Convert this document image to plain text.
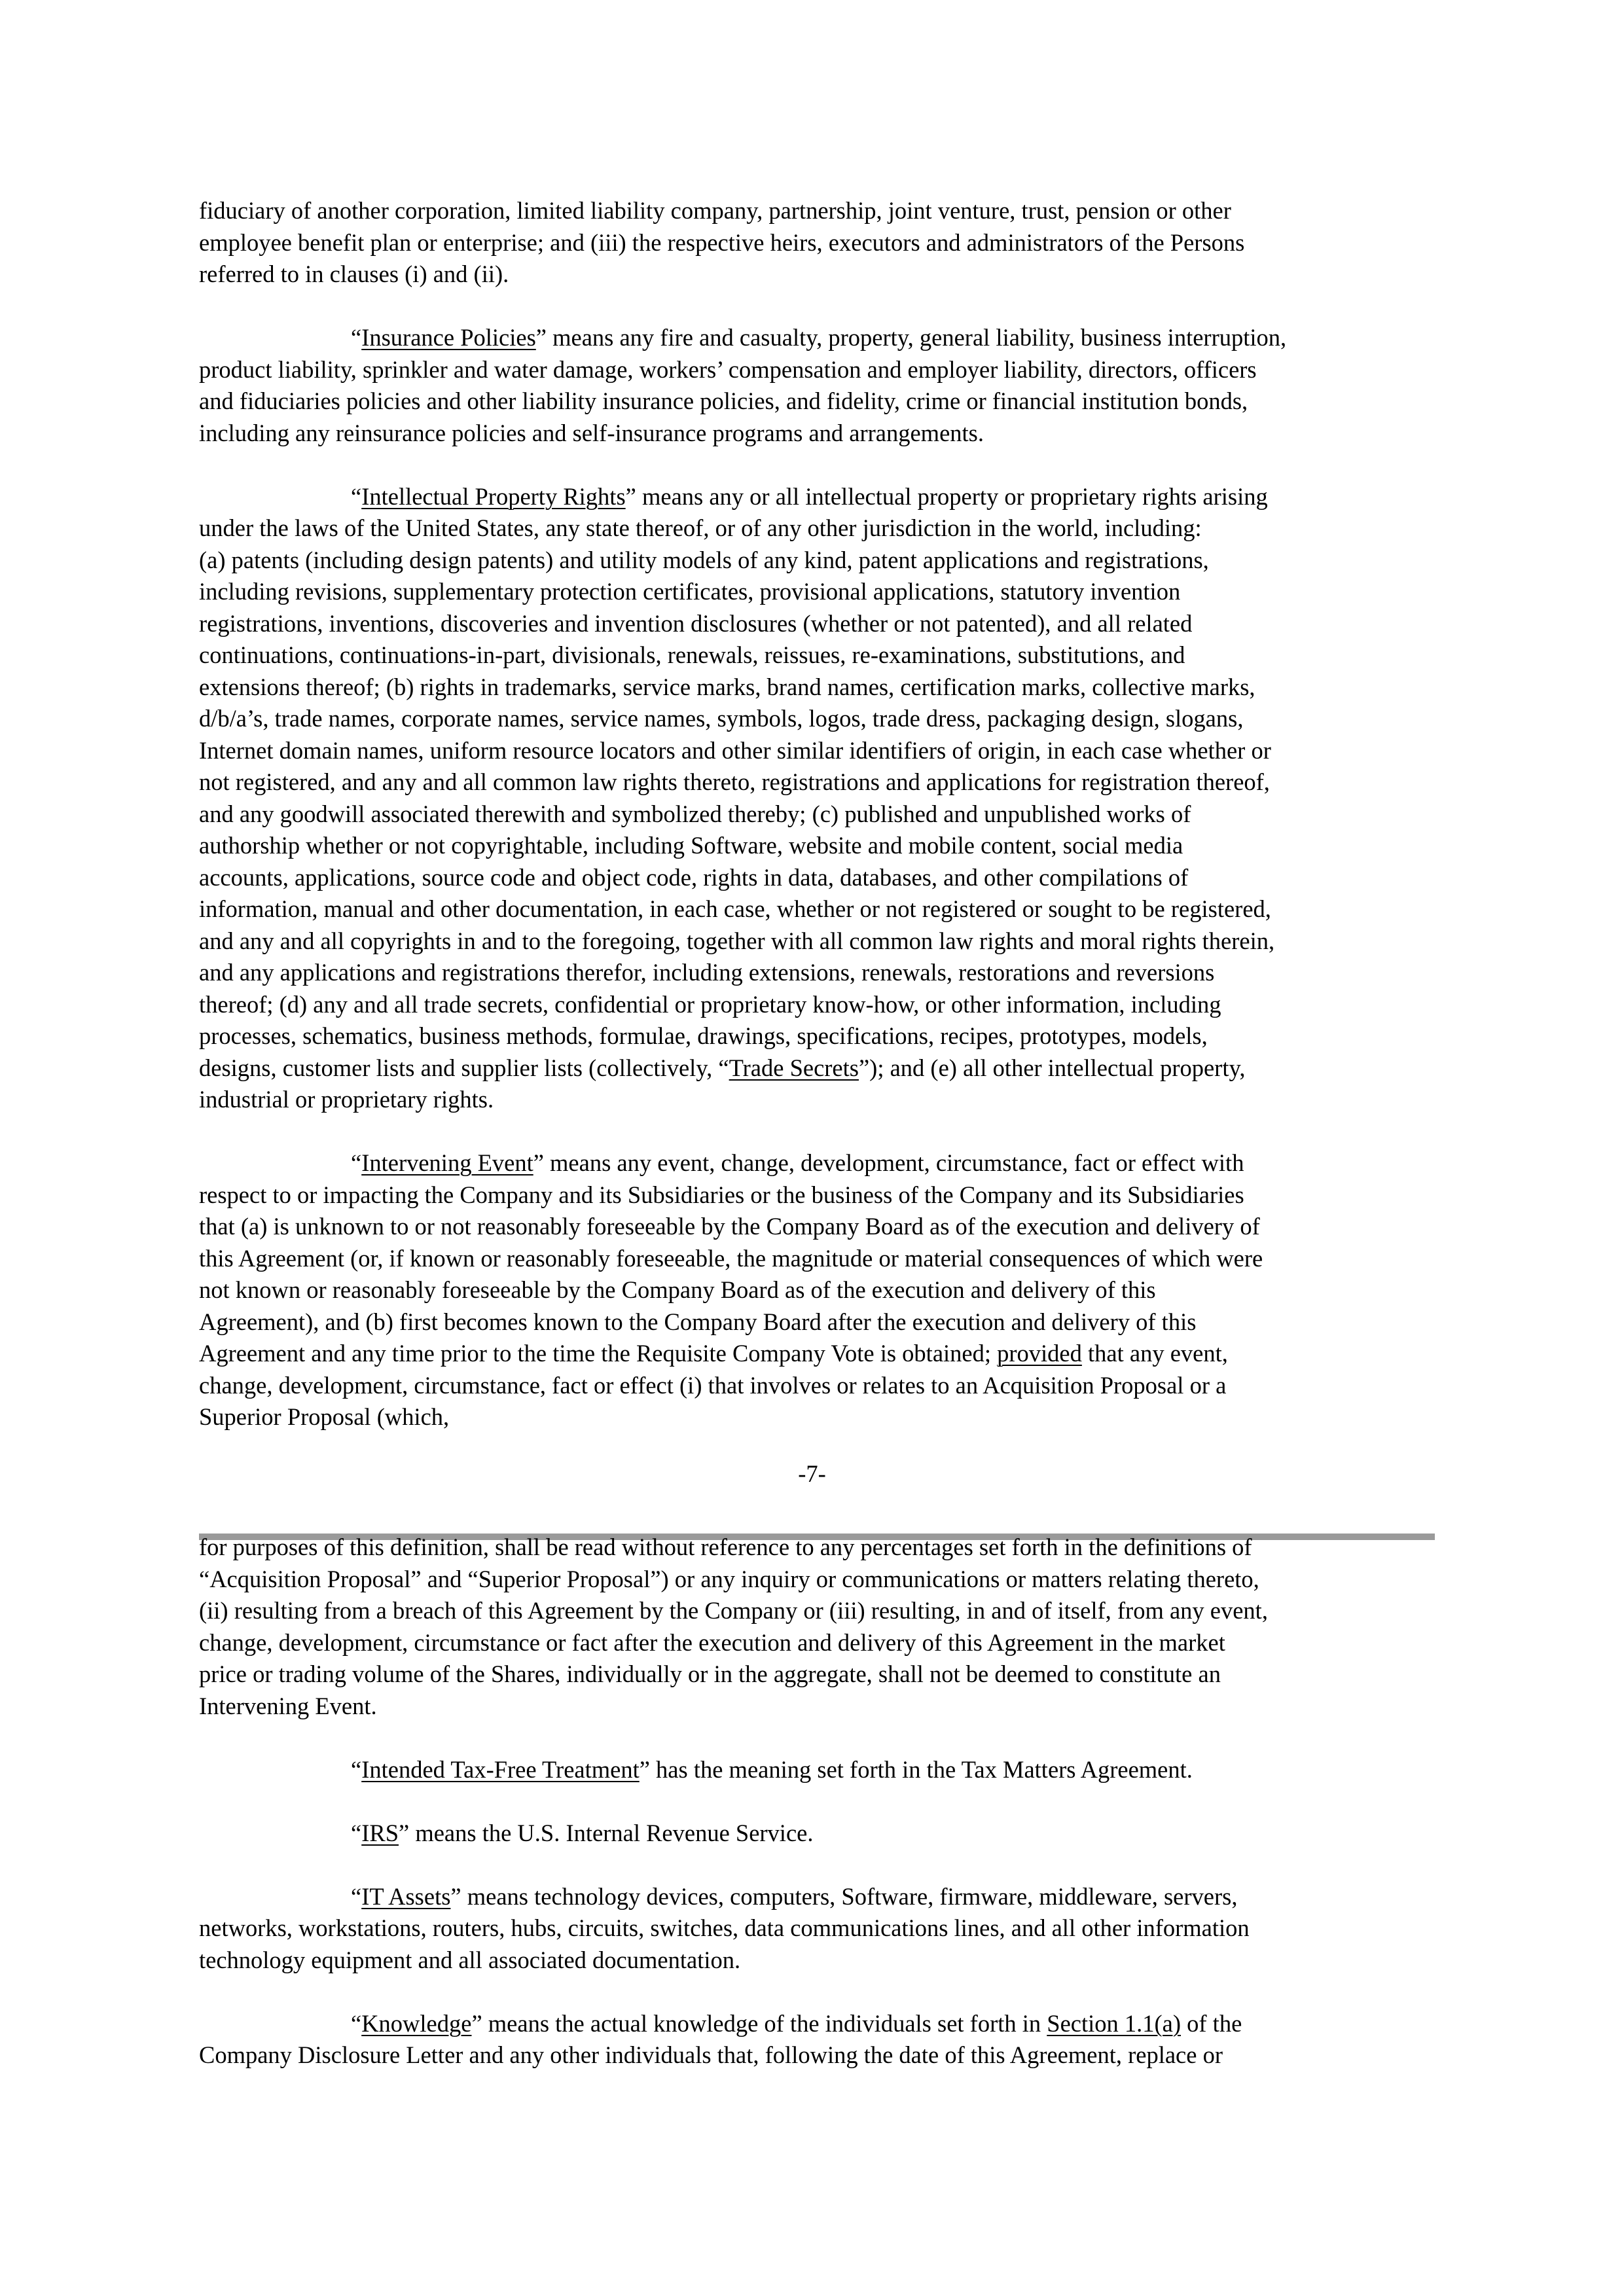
fiduciary of another corporation, limited liability company, partnership, joint venture, trust, pension or other
employee benefit plan or enterprise; and (iii) the respective heirs, executors and administrators of the Persons
referred to in clauses (i) and (ii).
“Insurance Policies” means any fire and casualty, property, general liability, business interruption,
product liability, sprinkler and water damage, workers’ compensation and employer liability, directors, officers
and fiduciaries policies and other liability insurance policies, and fidelity, crime or financial institution bonds,
including any reinsurance policies and self-insurance programs and arrangements.
“Intellectual Property Rights” means any or all intellectual property or proprietary rights arising
under the laws of the United States, any state thereof, or of any other jurisdiction in the world, including:
(a) patents (including design patents) and utility models of any kind, patent applications and registrations,
including revisions, supplementary protection certificates, provisional applications, statutory invention
registrations, inventions, discoveries and invention disclosures (whether or not patented), and all related
continuations, continuations-in-part, divisionals, renewals, reissues, re-examinations, substitutions, and
extensions thereof; (b) rights in trademarks, service marks, brand names, certification marks, collective marks,
d/b/a’s, trade names, corporate names, service names, symbols, logos, trade dress, packaging design, slogans,
Internet domain names, uniform resource locators and other similar identifiers of origin, in each case whether or
not registered, and any and all common law rights thereto, registrations and applications for registration thereof,
and any goodwill associated therewith and symbolized thereby; (c) published and unpublished works of
authorship whether or not copyrightable, including Software, website and mobile content, social media
accounts, applications, source code and object code, rights in data, databases, and other compilations of
information, manual and other documentation, in each case, whether or not registered or sought to be registered,
and any and all copyrights in and to the foregoing, together with all common law rights and moral rights therein,
and any applications and registrations therefor, including extensions, renewals, restorations and reversions
thereof; (d) any and all trade secrets, confidential or proprietary know-how, or other information, including
processes, schematics, business methods, formulae, drawings, specifications, recipes, prototypes, models,
designs, customer lists and supplier lists (collectively, “Trade Secrets”); and (e) all other intellectual property,
industrial or proprietary rights.
“Intervening Event” means any event, change, development, circumstance, fact or effect with
respect to or impacting the Company and its Subsidiaries or the business of the Company and its Subsidiaries
that (a) is unknown to or not reasonably foreseeable by the Company Board as of the execution and delivery of
this Agreement (or, if known or reasonably foreseeable, the magnitude or material consequences of which were
not known or reasonably foreseeable by the Company Board as of the execution and delivery of this
Agreement), and (b) first becomes known to the Company Board after the execution and delivery of this
Agreement and any time prior to the time the Requisite Company Vote is obtained; provided that any event,
change, development, circumstance, fact or effect (i) that involves or relates to an Acquisition Proposal or a
Superior Proposal (which,
-7-
for purposes of this definition, shall be read without reference to any percentages set forth in the definitions of
“Acquisition Proposal” and “Superior Proposal”) or any inquiry or communications or matters relating thereto,
(ii) resulting from a breach of this Agreement by the Company or (iii) resulting, in and of itself, from any event,
change, development, circumstance or fact after the execution and delivery of this Agreement in the market
price or trading volume of the Shares, individually or in the aggregate, shall not be deemed to constitute an
Intervening Event.
“Intended Tax-Free Treatment” has the meaning set forth in the Tax Matters Agreement.
“IRS” means the U.S. Internal Revenue Service.
“IT Assets” means technology devices, computers, Software, firmware, middleware, servers,
networks, workstations, routers, hubs, circuits, switches, data communications lines, and all other information
technology equipment and all associated documentation.
“Knowledge” means the actual knowledge of the individuals set forth in Section 1.1(a) of the
Company Disclosure Letter and any other individuals that, following the date of this Agreement, replace or
